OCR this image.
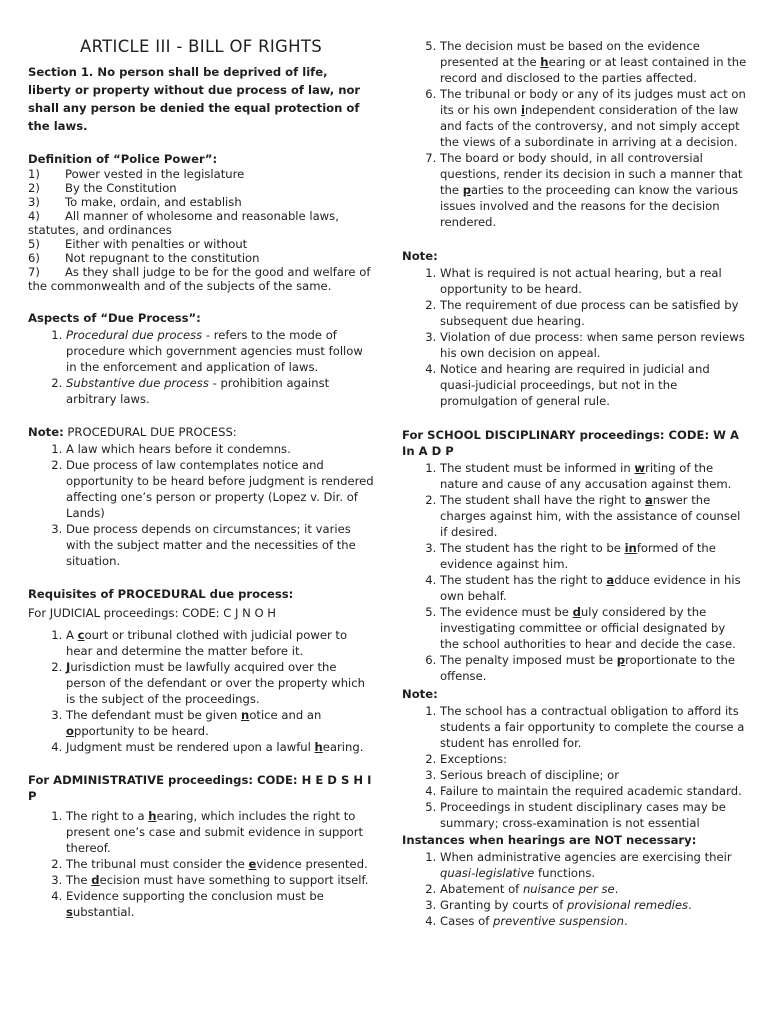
ARTICLE III - BILL OF RIGHTS

Section 1. No person shall be deprived of life, liberty or property without due process of law, nor shall any person be denied the equal protection of the laws.

Definition of “Police Power”:
1) Power vested in the legislature
2) By the Constitution
3) To make, ordain, and establish
4) All manner of wholesome and reasonable laws, statutes, and ordinances
5) Either with penalties or without
6) Not repugnant to the constitution
7) As they shall judge to be for the good and welfare of the commonwealth and of the subjects of the same.
Aspects of “Due Process”:
1. Procedural due process - refers to the mode of procedure which government agencies must follow in the enforcement and application of laws.
2. Substantive due process - prohibition against arbitrary laws.
Note: PROCEDURAL DUE PROCESS:
1. A law which hears before it condemns.
2. Due process of law contemplates notice and opportunity to be heard before judgment is rendered affecting one’s person or property (Lopez v. Dir. of Lands)
3. Due process depends on circumstances; it varies with the subject matter and the necessities of the situation.
Requisites of PROCEDURAL due process:
For JUDICIAL proceedings: CODE: C J N O H
1. A court or tribunal clothed with judicial power to hear and determine the matter before it.
2. Jurisdiction must be lawfully acquired over the person of the defendant or over the property which is the subject of the proceedings.
3. The defendant must be given notice and an opportunity to be heard.
4. Judgment must be rendered upon a lawful hearing.
For ADMINISTRATIVE proceedings: CODE: H E D S H I P
1. The right to a hearing, which includes the right to present one’s case and submit evidence in support thereof.
2. The tribunal must consider the evidence presented.
3. The decision must have something to support itself.
4. Evidence supporting the conclusion must be substantial.
5. The decision must be based on the evidence presented at the hearing or at least contained in the record and disclosed to the parties affected.
6. The tribunal or body or any of its judges must act on its or his own independent consideration of the law and facts of the controversy, and not simply accept the views of a subordinate in arriving at a decision.
7. The board or body should, in all controversial questions, render its decision in such a manner that the parties to the proceeding can know the various issues involved and the reasons for the decision rendered.
Note:
1. What is required is not actual hearing, but a real opportunity to be heard.
2. The requirement of due process can be satisfied by subsequent due hearing.
3. Violation of due process: when same person reviews his own decision on appeal.
4. Notice and hearing are required in judicial and quasi-judicial proceedings, but not in the promulgation of general rule.
For SCHOOL DISCIPLINARY proceedings: CODE: W A In A D P
1. The student must be informed in writing of the nature and cause of any accusation against them.
2. The student shall have the right to answer the charges against him, with the assistance of counsel if desired.
3. The student has the right to be informed of the evidence against him.
4. The student has the right to adduce evidence in his own behalf.
5. The evidence must be duly considered by the investigating committee or official designated by the school authorities to hear and decide the case.
6. The penalty imposed must be proportionate to the offense.
Note:
1. The school has a contractual obligation to afford its students a fair opportunity to complete the course a student has enrolled for.
2. Exceptions:
3. Serious breach of discipline; or
4. Failure to maintain the required academic standard.
5. Proceedings in student disciplinary cases may be summary; cross-examination is not essential
Instances when hearings are NOT necessary:
1. When administrative agencies are exercising their quasi-legislative functions.
2. Abatement of nuisance per se.
3. Granting by courts of provisional remedies.
4. Cases of preventive suspension.
